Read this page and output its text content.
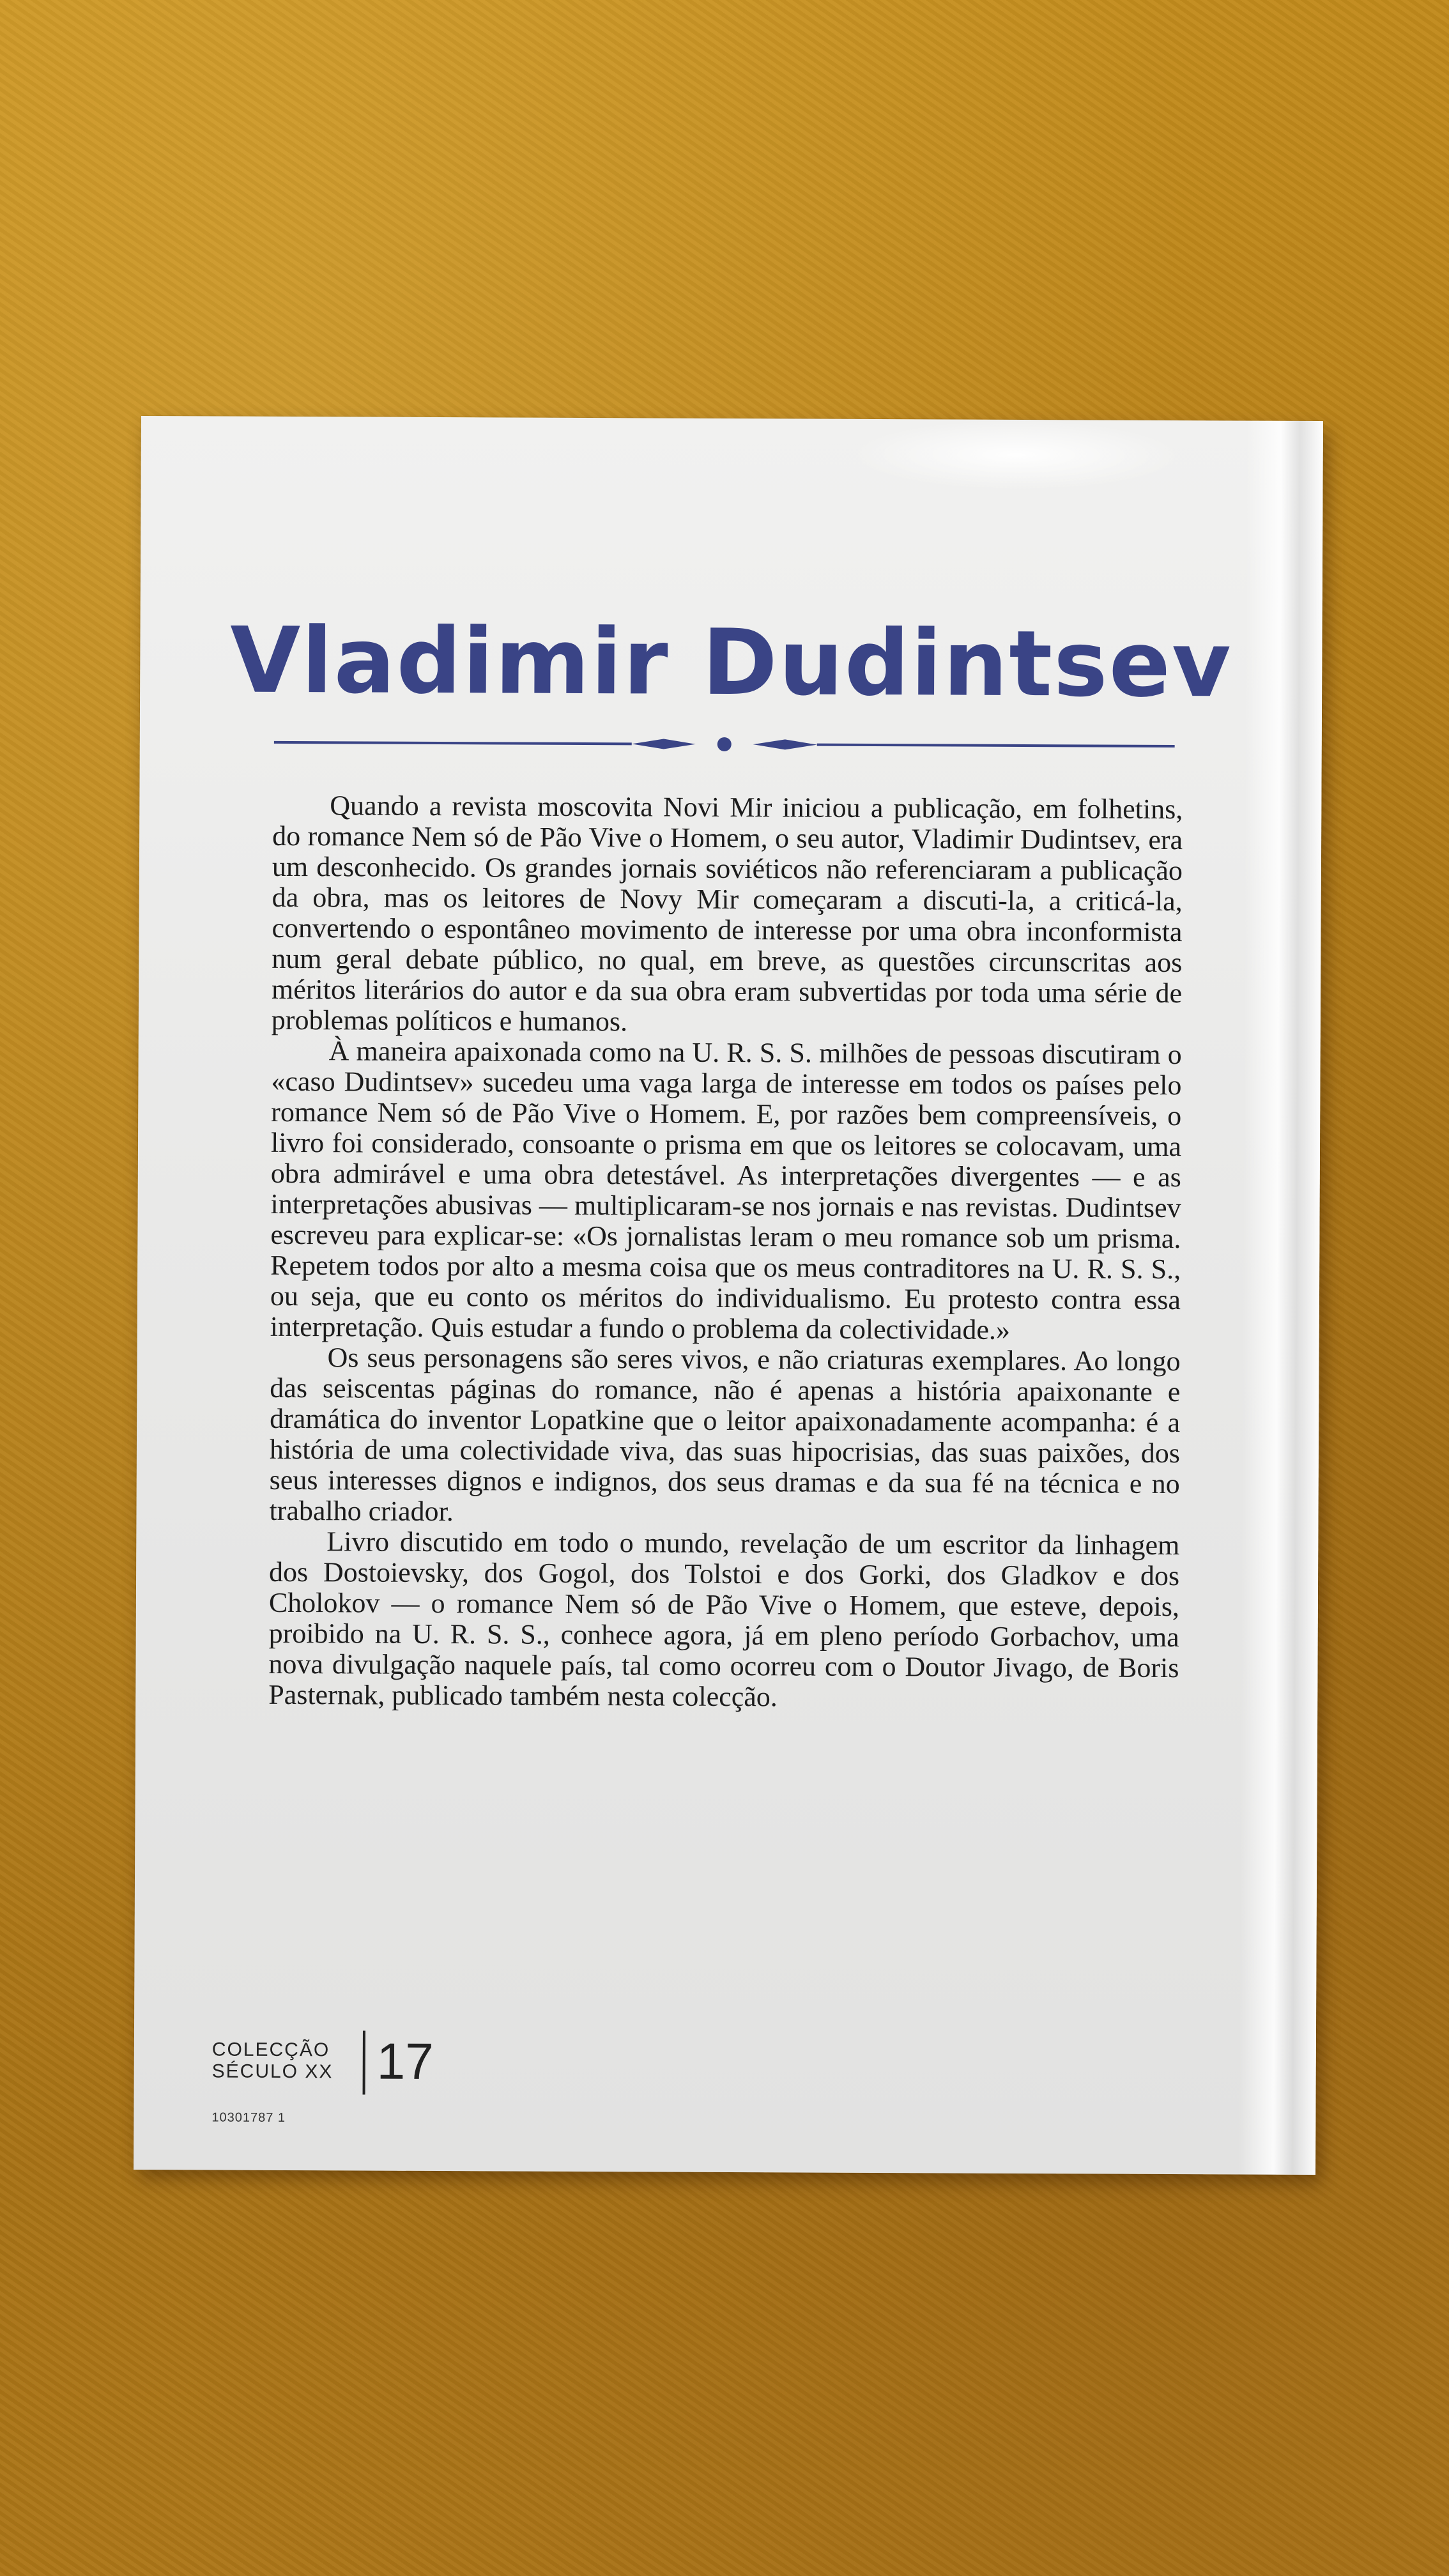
Vladimir Dudintsev

Quando a revista moscovita Novi Mir iniciou a publicação, em folhetins, do romance Nem só de Pão Vive o Homem, o seu autor, Vladimir Dudintsev, era um desconhecido. Os grandes jornais soviéticos não referenciaram a publicação da obra, mas os leitores de Novy Mir começaram a discuti-la, a criticá-la, convertendo o espontâneo movimento de interesse por uma obra inconformista num geral debate público, no qual, em breve, as questões circunscritas aos méritos literários do autor e da sua obra eram subvertidas por toda uma série de problemas políticos e humanos.

À maneira apaixonada como na U. R. S. S. milhões de pessoas discutiram o «caso Dudintsev» sucedeu uma vaga larga de interesse em todos os países pelo romance Nem só de Pão Vive o Homem. E, por razões bem compreensíveis, o livro foi considerado, consoante o prisma em que os leitores se colocavam, uma obra admirável e uma obra detestável. As interpretações divergentes — e as interpretações abusivas — multiplicaram-se nos jornais e nas revistas. Dudintsev escreveu para explicar-se: «Os jornalistas leram o meu romance sob um prisma. Repetem todos por alto a mesma coisa que os meus contraditores na U. R. S. S., ou seja, que eu conto os méritos do individualismo. Eu protesto contra essa interpretação. Quis estudar a fundo o problema da colectividade.»

Os seus personagens são seres vivos, e não criaturas exemplares. Ao longo das seiscentas páginas do romance, não é apenas a história apaixonante e dramática do inventor Lopatkine que o leitor apaixonadamente acompanha: é a história de uma colectividade viva, das suas hipocrisias, das suas paixões, dos seus interesses dignos e indignos, dos seus dramas e da sua fé na técnica e no trabalho criador.

Livro discutido em todo o mundo, revelação de um escritor da linhagem dos Dostoievsky, dos Gogol, dos Tolstoi e dos Gorki, dos Gladkov e dos Cholokov — o romance Nem só de Pão Vive o Homem, que esteve, depois, proibido na U. R. S. S., conhece agora, já em pleno período Gorbachov, uma nova divulgação naquele país, tal como ocorreu com o Doutor Jivago, de Boris Pasternak, publicado também nesta colecção.

COLECÇÃO
SÉCULO XX 17
10301787 1
